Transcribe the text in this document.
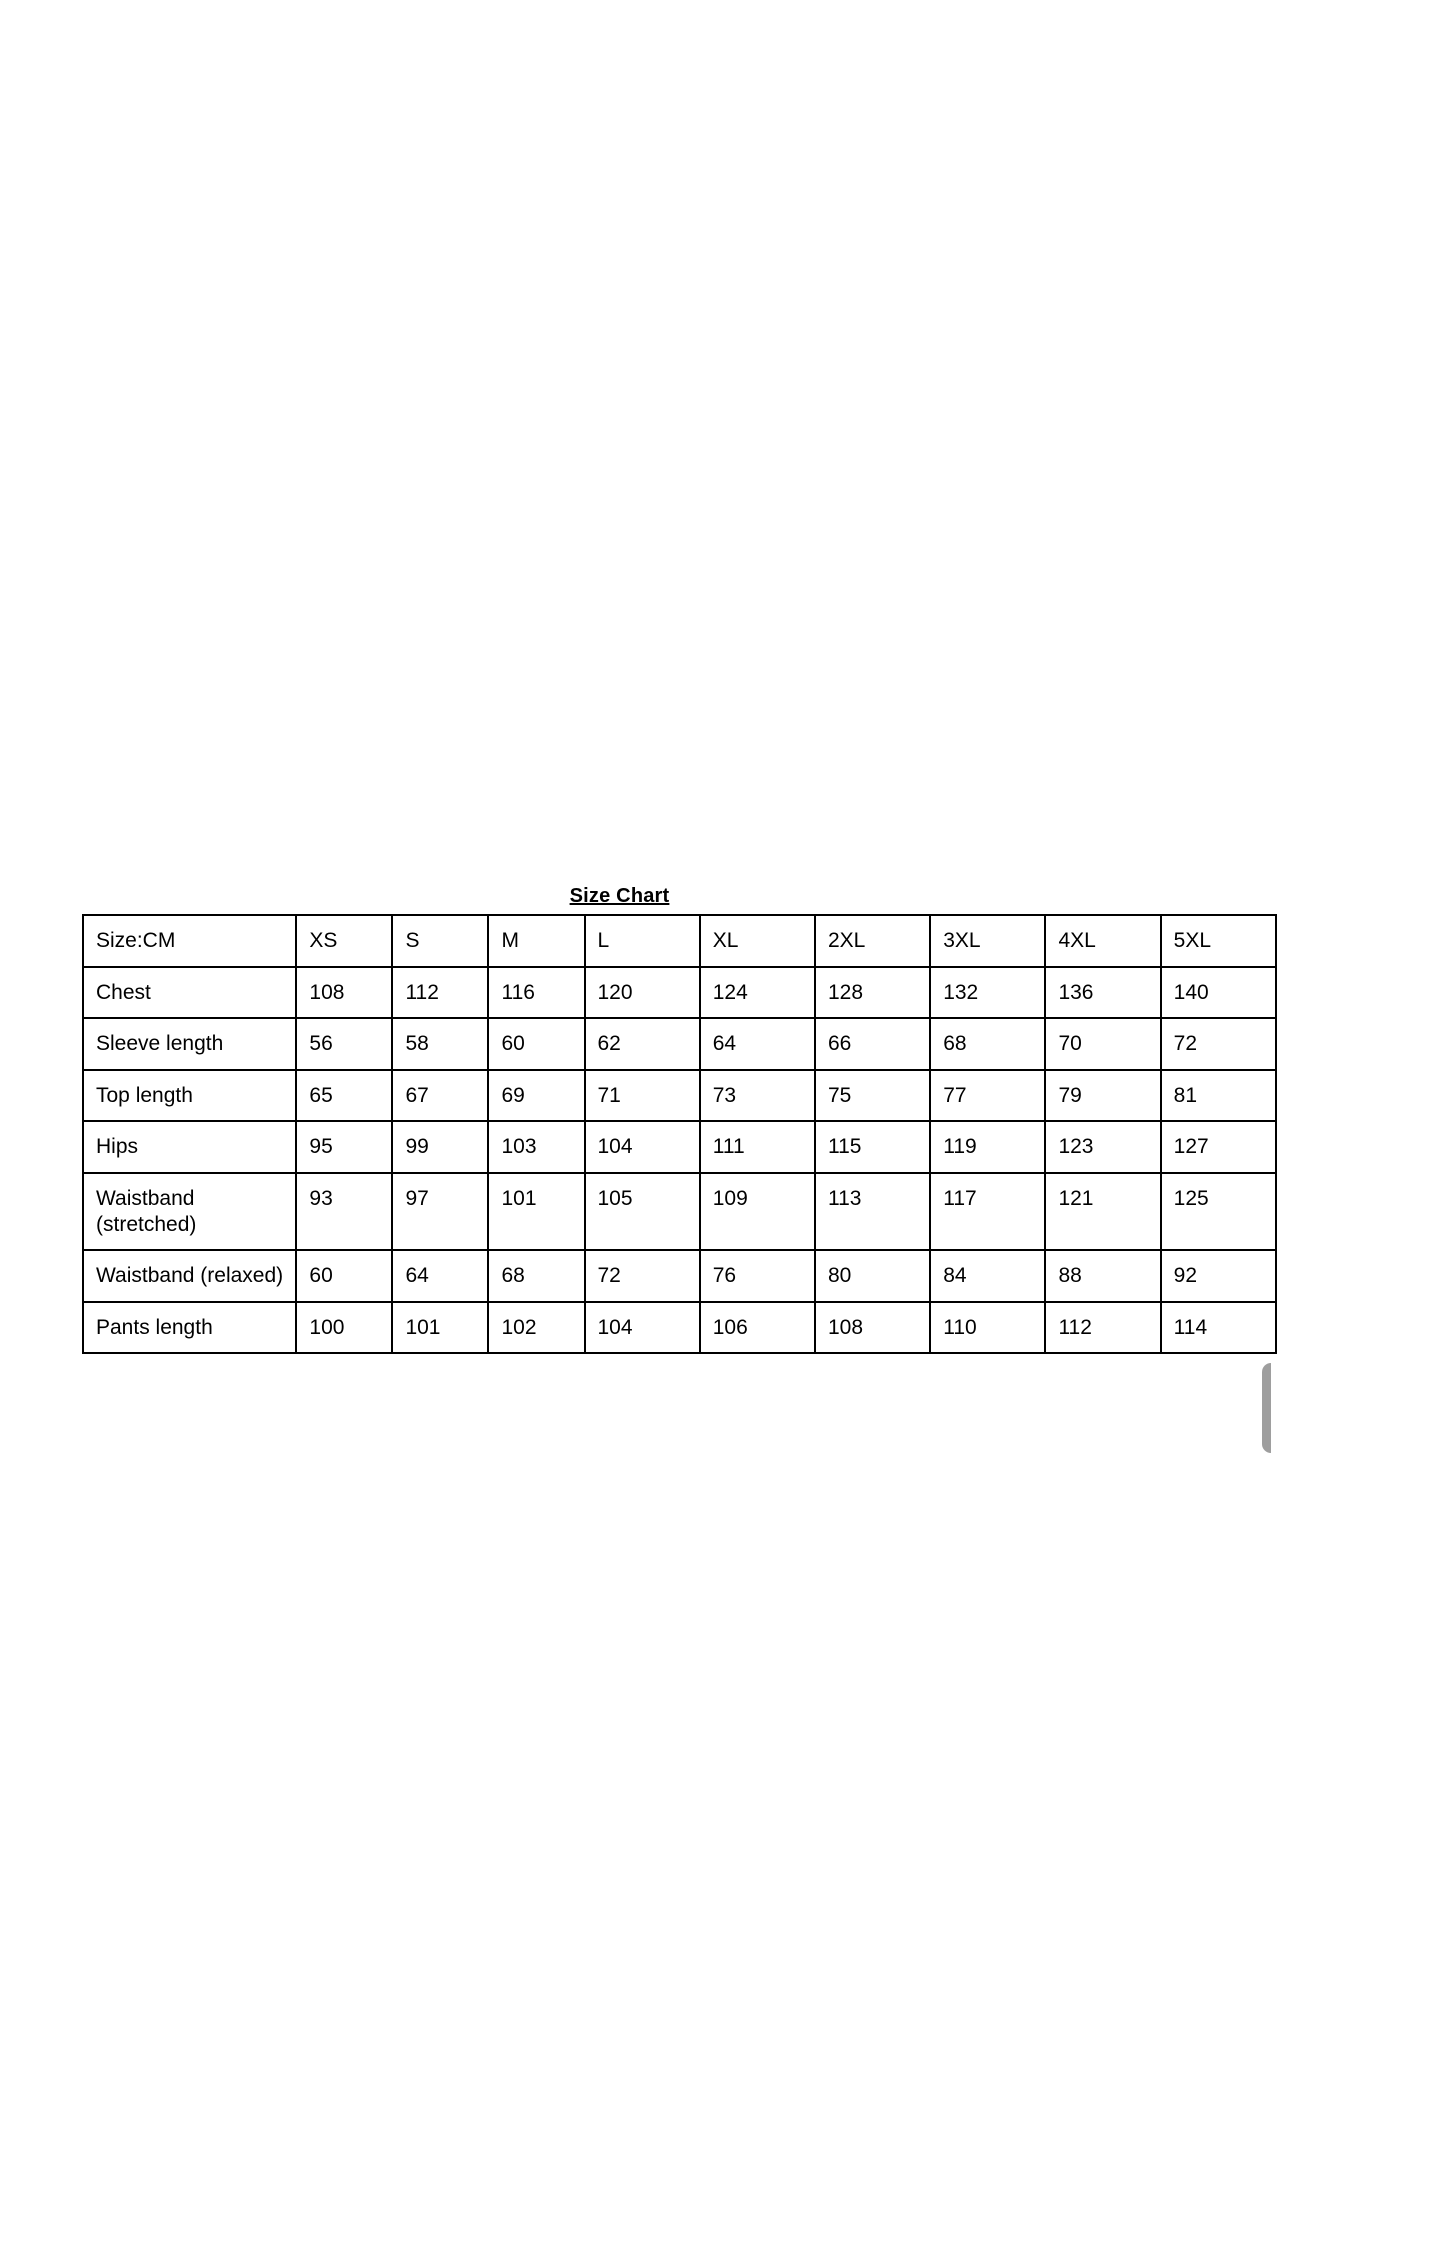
Size Chart
Size:CM	XS	S	M	L	XL	2XL	3XL	4XL	5XL
Chest	108	112	116	120	124	128	132	136	140
Sleeve length	56	58	60	62	64	66	68	70	72
Top length	65	67	69	71	73	75	77	79	81
Hips	95	99	103	104	111	115	119	123	127
Waistband (stretched)	93	97	101	105	109	113	117	121	125
Waistband (relaxed)	60	64	68	72	76	80	84	88	92
Pants length	100	101	102	104	106	108	110	112	114
